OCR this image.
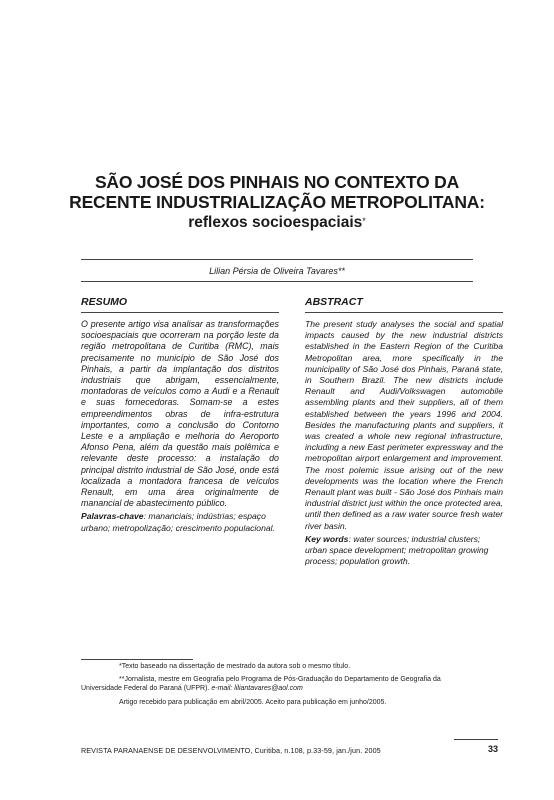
SÃO JOSÉ DOS PINHAIS NO CONTEXTO DA
RECENTE INDUSTRIALIZAÇÃO METROPOLITANA:
reflexos socioespaciais*
Lilian Pérsia de Oliveira Tavares**
RESUMO

O presente artigo visa analisar as transformações socioespaciais que ocorreram na porção leste da região metropolitana de Curitiba (RMC), mais precisamente no município de São José dos Pinhais, a partir da implantação dos distritos industriais que abrigam, essencialmente, montadoras de veículos como a Audi e a Renault e suas fornecedoras. Somam-se a estes empreendimentos obras de infra-estrutura importantes, como a conclusão do Contorno Leste e a ampliação e melhoria do Aeroporto Afonso Pena, além da questão mais polêmica e relevante deste processo: a instalação do principal distrito industrial de São José, onde está localizada a montadora francesa de veículos Renault, em uma área originalmente de manancial de abastecimento público.

Palavras-chave: mananciais; indústrias; espaço urbano; metropolização; crescimento populacional.

ABSTRACT

The present study analyses the social and spatial impacts caused by the new industrial districts established in the Eastern Region of the Curitiba Metropolitan area, more specifically in the municipality of São José dos Pinhais, Paraná state, in Southern Brazil. The new districts include Renault and Audi/Volkswagen automobile assembling plants and their suppliers, all of them established between the years 1996 and 2004. Besides the manufacturing plants and suppliers, it was created a whole new regional infrastructure, including a new East perimeter expressway and the metropolitan airport enlargement and improvement. The most polemic issue arising out of the new developments was the location where the French Renault plant was built - São José dos Pinhais main industrial district just within the once protected area, until then defined as a raw water source fresh water river basin.

Key words: water sources; industrial clusters; urban space development; metropolitan growing process; population growth.

*Texto baseado na dissertação de mestrado da autora sob o mesmo título.
**Jornalista, mestre em Geografia pelo Programa de Pós-Graduação do Departamento de Geografia da Universidade Federal do Paraná (UFPR). e-mail: liliantavares@aol.com
Artigo recebido para publicação em abril/2005. Aceito para publicação em junho/2005.
REVISTA PARANAENSE DE DESENVOLVIMENTO, Curitiba, n.108, p.33-59, jan./jun. 2005	33
